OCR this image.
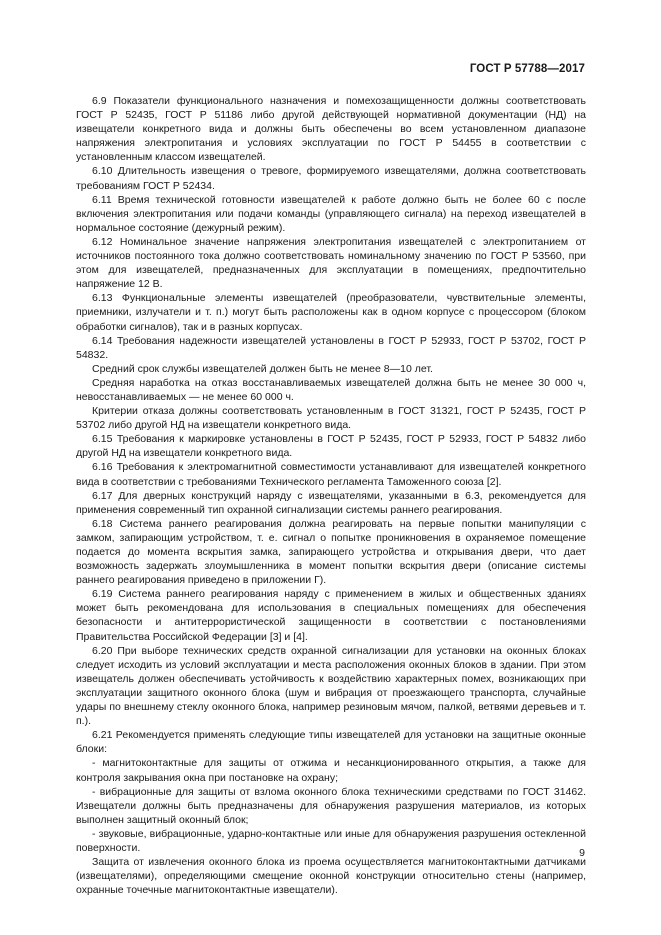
ГОСТ Р 57788—2017

6.9 Показатели функционального назначения и помехозащищенности должны соответствовать ГОСТ Р 52435, ГОСТ Р 51186 либо другой действующей нормативной документации (НД) на извещатели конкретного вида и должны быть обеспечены во всем установленном диапазоне напряжения электропитания и условиях эксплуатации по ГОСТ Р 54455 в соответствии с установленным классом извещателей.

6.10 Длительность извещения о тревоге, формируемого извещателями, должна соответствовать требованиям ГОСТ Р 52434.

6.11 Время технической готовности извещателей к работе должно быть не более 60 с после включения электропитания или подачи команды (управляющего сигнала) на переход извещателей в нормальное состояние (дежурный режим).

6.12 Номинальное значение напряжения электропитания извещателей с электропитанием от источников постоянного тока должно соответствовать номинальному значению по ГОСТ Р 53560, при этом для извещателей, предназначенных для эксплуатации в помещениях, предпочтительно напряжение 12 В.

6.13 Функциональные элементы извещателей (преобразователи, чувствительные элементы, приемники, излучатели и т. п.) могут быть расположены как в одном корпусе с процессором (блоком обработки сигналов), так и в разных корпусах.

6.14 Требования надежности извещателей установлены в ГОСТ Р 52933, ГОСТ Р 53702, ГОСТ Р 54832.

Средний срок службы извещателей должен быть не менее 8—10 лет.

Средняя наработка на отказ восстанавливаемых извещателей должна быть не менее 30 000 ч, невосстанавливаемых — не менее 60 000 ч.

Критерии отказа должны соответствовать установленным в ГОСТ 31321, ГОСТ Р 52435, ГОСТ Р 53702 либо другой НД на извещатели конкретного вида.

6.15 Требования к маркировке установлены в ГОСТ Р 52435, ГОСТ Р 52933, ГОСТ Р 54832 либо другой НД на извещатели конкретного вида.

6.16 Требования к электромагнитной совместимости устанавливают для извещателей конкретного вида в соответствии с требованиями Технического регламента Таможенного союза [2].

6.17 Для дверных конструкций наряду с извещателями, указанными в 6.3, рекомендуется для применения современный тип охранной сигнализации системы раннего реагирования.

6.18 Система раннего реагирования должна реагировать на первые попытки манипуляции с замком, запирающим устройством, т. е. сигнал о попытке проникновения в охраняемое помещение подается до момента вскрытия замка, запирающего устройства и открывания двери, что дает возможность задержать злоумышленника в момент попытки вскрытия двери (описание системы раннего реагирования приведено в приложении Г).

6.19 Система раннего реагирования наряду с применением в жилых и общественных зданиях может быть рекомендована для использования в специальных помещениях для обеспечения безопасности и антитеррористической защищенности в соответствии с постановлениями Правительства Российской Федерации [3] и [4].

6.20 При выборе технических средств охранной сигнализации для установки на оконных блоках следует исходить из условий эксплуатации и места расположения оконных блоков в здании. При этом извещатель должен обеспечивать устойчивость к воздействию характерных помех, возникающих при эксплуатации защитного оконного блока (шум и вибрация от проезжающего транспорта, случайные удары по внешнему стеклу оконного блока, например резиновым мячом, палкой, ветвями деревьев и т. п.).

6.21 Рекомендуется применять следующие типы извещателей для установки на защитные оконные блоки:

- магнитоконтактные для защиты от отжима и несанкционированного открытия, а также для контроля закрывания окна при постановке на охрану;

- вибрационные для защиты от взлома оконного блока техническими средствами по ГОСТ 31462. Извещатели должны быть предназначены для обнаружения разрушения материалов, из которых выполнен защитный оконный блок;

- звуковые, вибрационные, ударно-контактные или иные для обнаружения разрушения остекленной поверхности.

Защита от извлечения оконного блока из проема осуществляется магнитоконтактными датчиками (извещателями), определяющими смещение оконной конструкции относительно стены (например, охранные точечные магнитоконтактные извещатели).

9
